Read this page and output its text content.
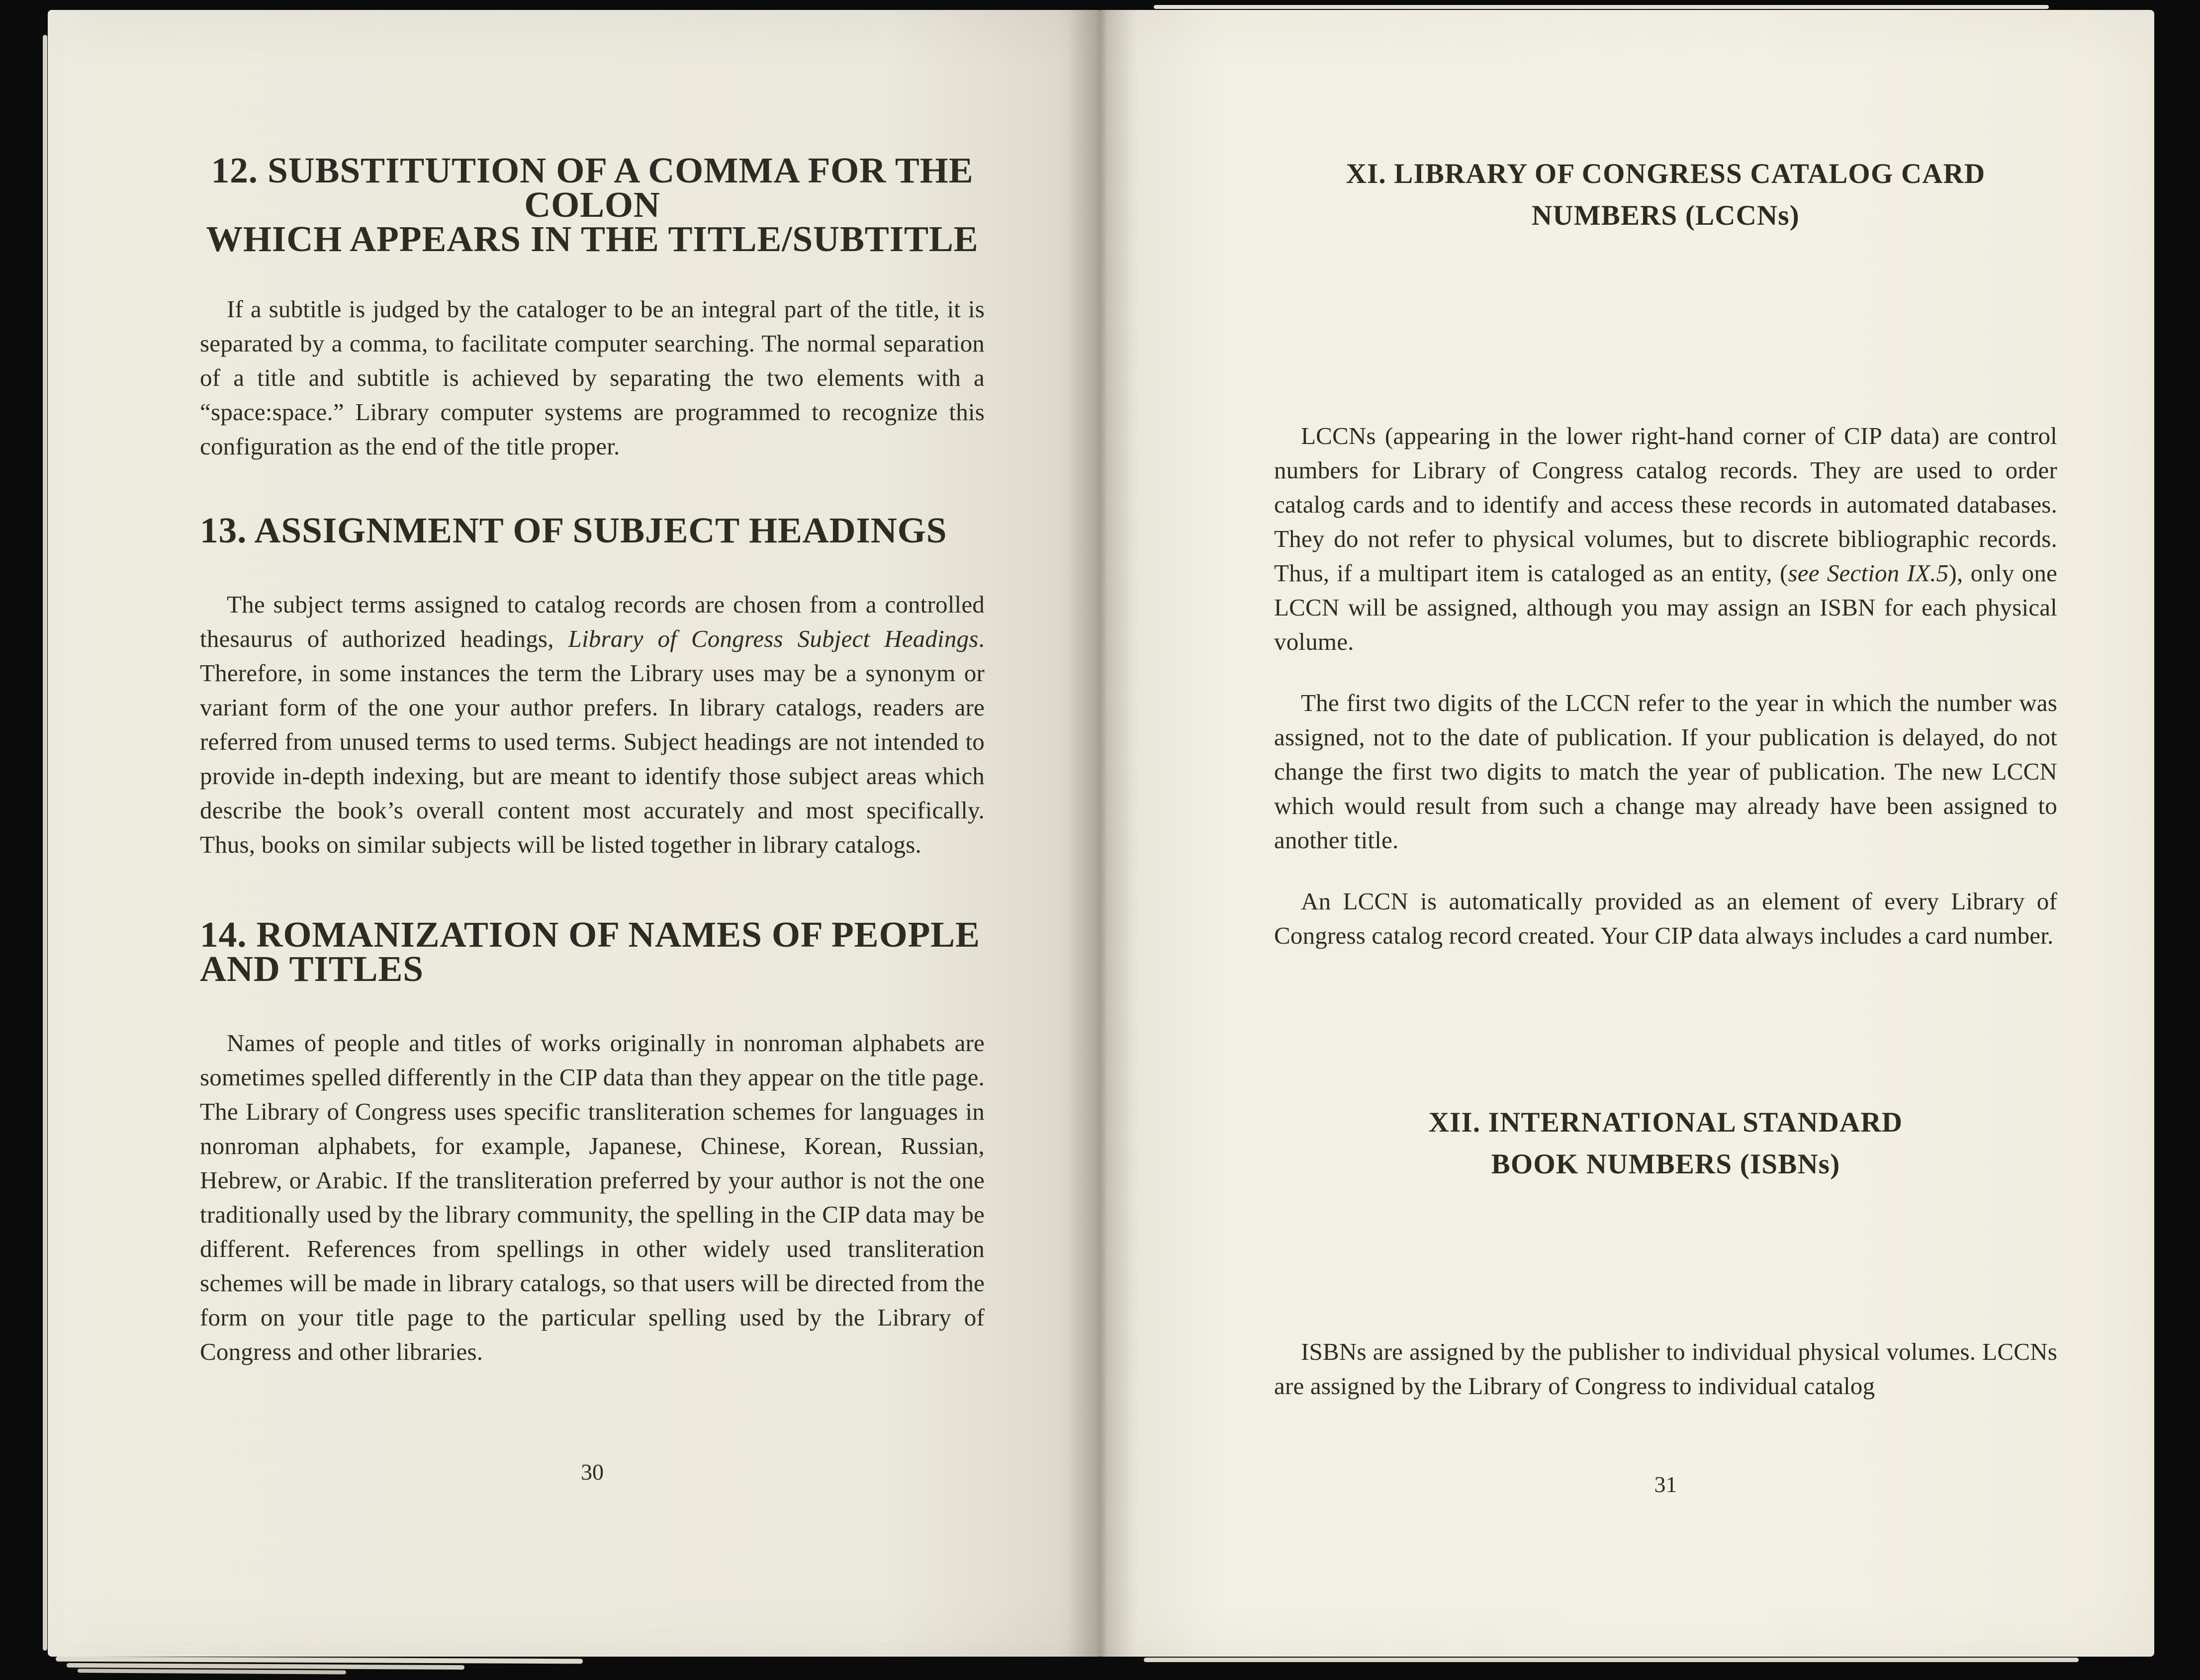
12. SUBSTITUTION OF A COMMA FOR THE COLON
WHICH APPEARS IN THE TITLE/SUBTITLE

If a subtitle is judged by the cataloger to be an integral part of the title, it is separated by a comma, to facilitate computer searching. The normal separation of a title and subtitle is achieved by separating the two elements with a “space:space.” Library computer systems are programmed to recognize this configuration as the end of the title proper.

13. ASSIGNMENT OF SUBJECT HEADINGS

The subject terms assigned to catalog records are chosen from a controlled thesaurus of authorized headings, Library of Congress Subject Headings. Therefore, in some instances the term the Library uses may be a synonym or variant form of the one your author prefers. In library catalogs, readers are referred from unused terms to used terms. Subject headings are not intended to provide in-depth indexing, but are meant to identify those subject areas which describe the book’s overall content most accurately and most specifically. Thus, books on similar subjects will be listed together in library catalogs.

14. ROMANIZATION OF NAMES OF PEOPLE AND TITLES

Names of people and titles of works originally in nonroman alphabets are sometimes spelled differently in the CIP data than they appear on the title page. The Library of Congress uses specific transliteration schemes for languages in nonroman alphabets, for example, Japanese, Chinese, Korean, Russian, Hebrew, or Arabic. If the transliteration preferred by your author is not the one traditionally used by the library community, the spelling in the CIP data may be different. References from spellings in other widely used transliteration schemes will be made in library catalogs, so that users will be directed from the form on your title page to the particular spelling used by the Library of Congress and other libraries.

30
XI. LIBRARY OF CONGRESS CATALOG CARD
NUMBERS (LCCNs)

LCCNs (appearing in the lower right-hand corner of CIP data) are control numbers for Library of Congress catalog records. They are used to order catalog cards and to identify and access these records in automated databases. They do not refer to physical volumes, but to discrete bibliographic records. Thus, if a multipart item is cataloged as an entity, (see Section IX.5), only one LCCN will be assigned, although you may assign an ISBN for each physical volume.

The first two digits of the LCCN refer to the year in which the number was assigned, not to the date of publication. If your publication is delayed, do not change the first two digits to match the year of publication. The new LCCN which would result from such a change may already have been assigned to another title.

An LCCN is automatically provided as an element of every Library of Congress catalog record created. Your CIP data always includes a card number.

XII. INTERNATIONAL STANDARD
BOOK NUMBERS (ISBNs)

ISBNs are assigned by the publisher to individual physical volumes. LCCNs are assigned by the Library of Congress to individual catalog

31
